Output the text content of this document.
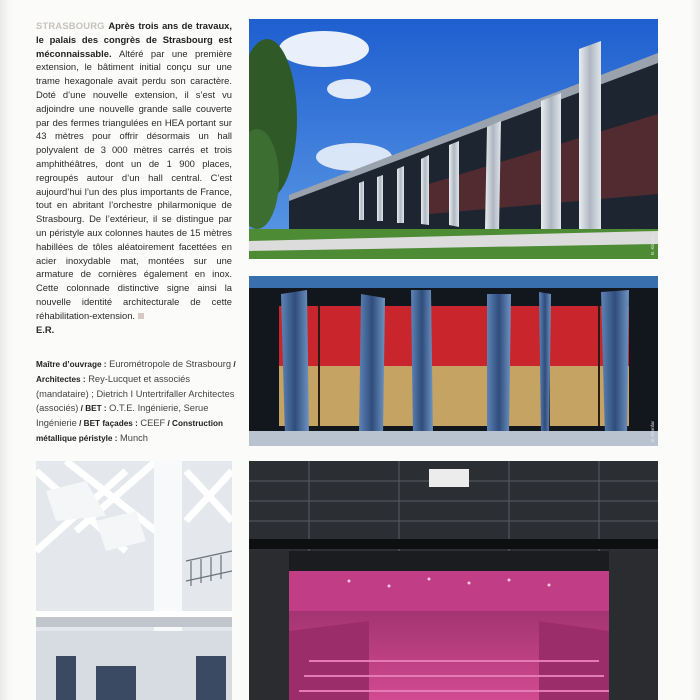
STRASBOURG Après trois ans de travaux, le palais des congrès de Strasbourg est méconnaissable. Altéré par une première extension, le bâtiment initial conçu sur une trame hexagonale avait perdu son caractère. Doté d’une nouvelle extension, il s’est vu adjoindre une nouvelle grande salle couverte par des fermes triangulées en HEA portant sur 43 mètres pour offrir désormais un hall polyvalent de 3 000 mètres carrés et trois amphithéâtres, dont un de 1 900 places, regroupés autour d’un hall central. C’est aujourd’hui l’un des plus importants de France, tout en abritant l’orchestre philarmonique de Strasbourg. De l’extérieur, il se distingue par un péristyle aux colonnes hautes de 15 mètres habillées de tôles aléatoirement facettées en acier inoxydable mat, montées sur une armature de cornières également en inox. Cette colonnade distinctive signe ainsi la nouvelle identité architecturale de cette réhabilitation-extension.
E.R.
Maître d’ouvrage : Eurométropole de Strasbourg / Architectes : Rey-Lucquet et associés (mandataire) ; Dietrich I Untertrifaller Architectes (associés) / BET : O.T.E. Ingénierie, Serue Ingénierie / BET façades : CEEF / Construction métallique péristyle : Munch
B. Klomfar
B. Klomfar
